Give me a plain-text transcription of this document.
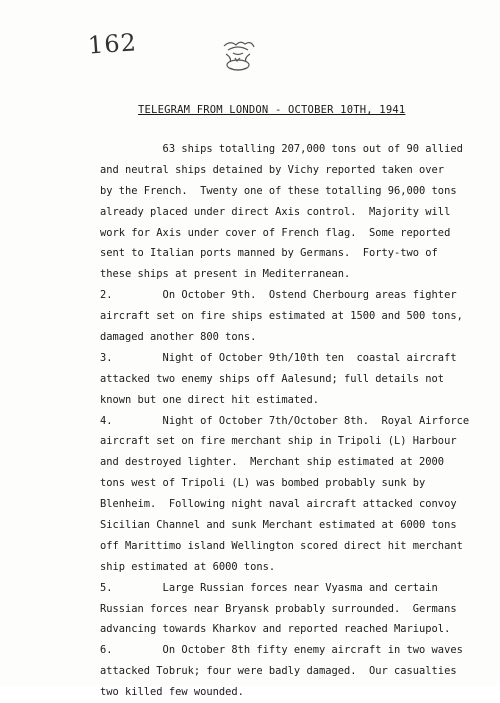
162
TELEGRAM FROM LONDON - OCTOBER 10TH, 1941
63 ships totalling 207,000 tons out of 90 allied
and neutral ships detained by Vichy reported taken over
by the French.  Twenty one of these totalling 96,000 tons
already placed under direct Axis control.  Majority will
work for Axis under cover of French flag.  Some reported
sent to Italian ports manned by Germans.  Forty-two of
these ships at present in Mediterranean.
2.        On October 9th.  Ostend Cherbourg areas fighter
aircraft set on fire ships estimated at 1500 and 500 tons,
damaged another 800 tons.
3.        Night of October 9th/10th ten  coastal aircraft
attacked two enemy ships off Aalesund; full details not
known but one direct hit estimated.
4.        Night of October 7th/October 8th.  Royal Airforce
aircraft set on fire merchant ship in Tripoli (L) Harbour
and destroyed lighter.  Merchant ship estimated at 2000
tons west of Tripoli (L) was bombed probably sunk by
Blenheim.  Following night naval aircraft attacked convoy
Sicilian Channel and sunk Merchant estimated at 6000 tons
off Marittimo island Wellington scored direct hit merchant
ship estimated at 6000 tons.
5.        Large Russian forces near Vyasma and certain
Russian forces near Bryansk probably surrounded.  Germans
advancing towards Kharkov and reported reached Mariupol.
6.        On October 8th fifty enemy aircraft in two waves
attacked Tobruk; four were badly damaged.  Our casualties
two killed few wounded.
